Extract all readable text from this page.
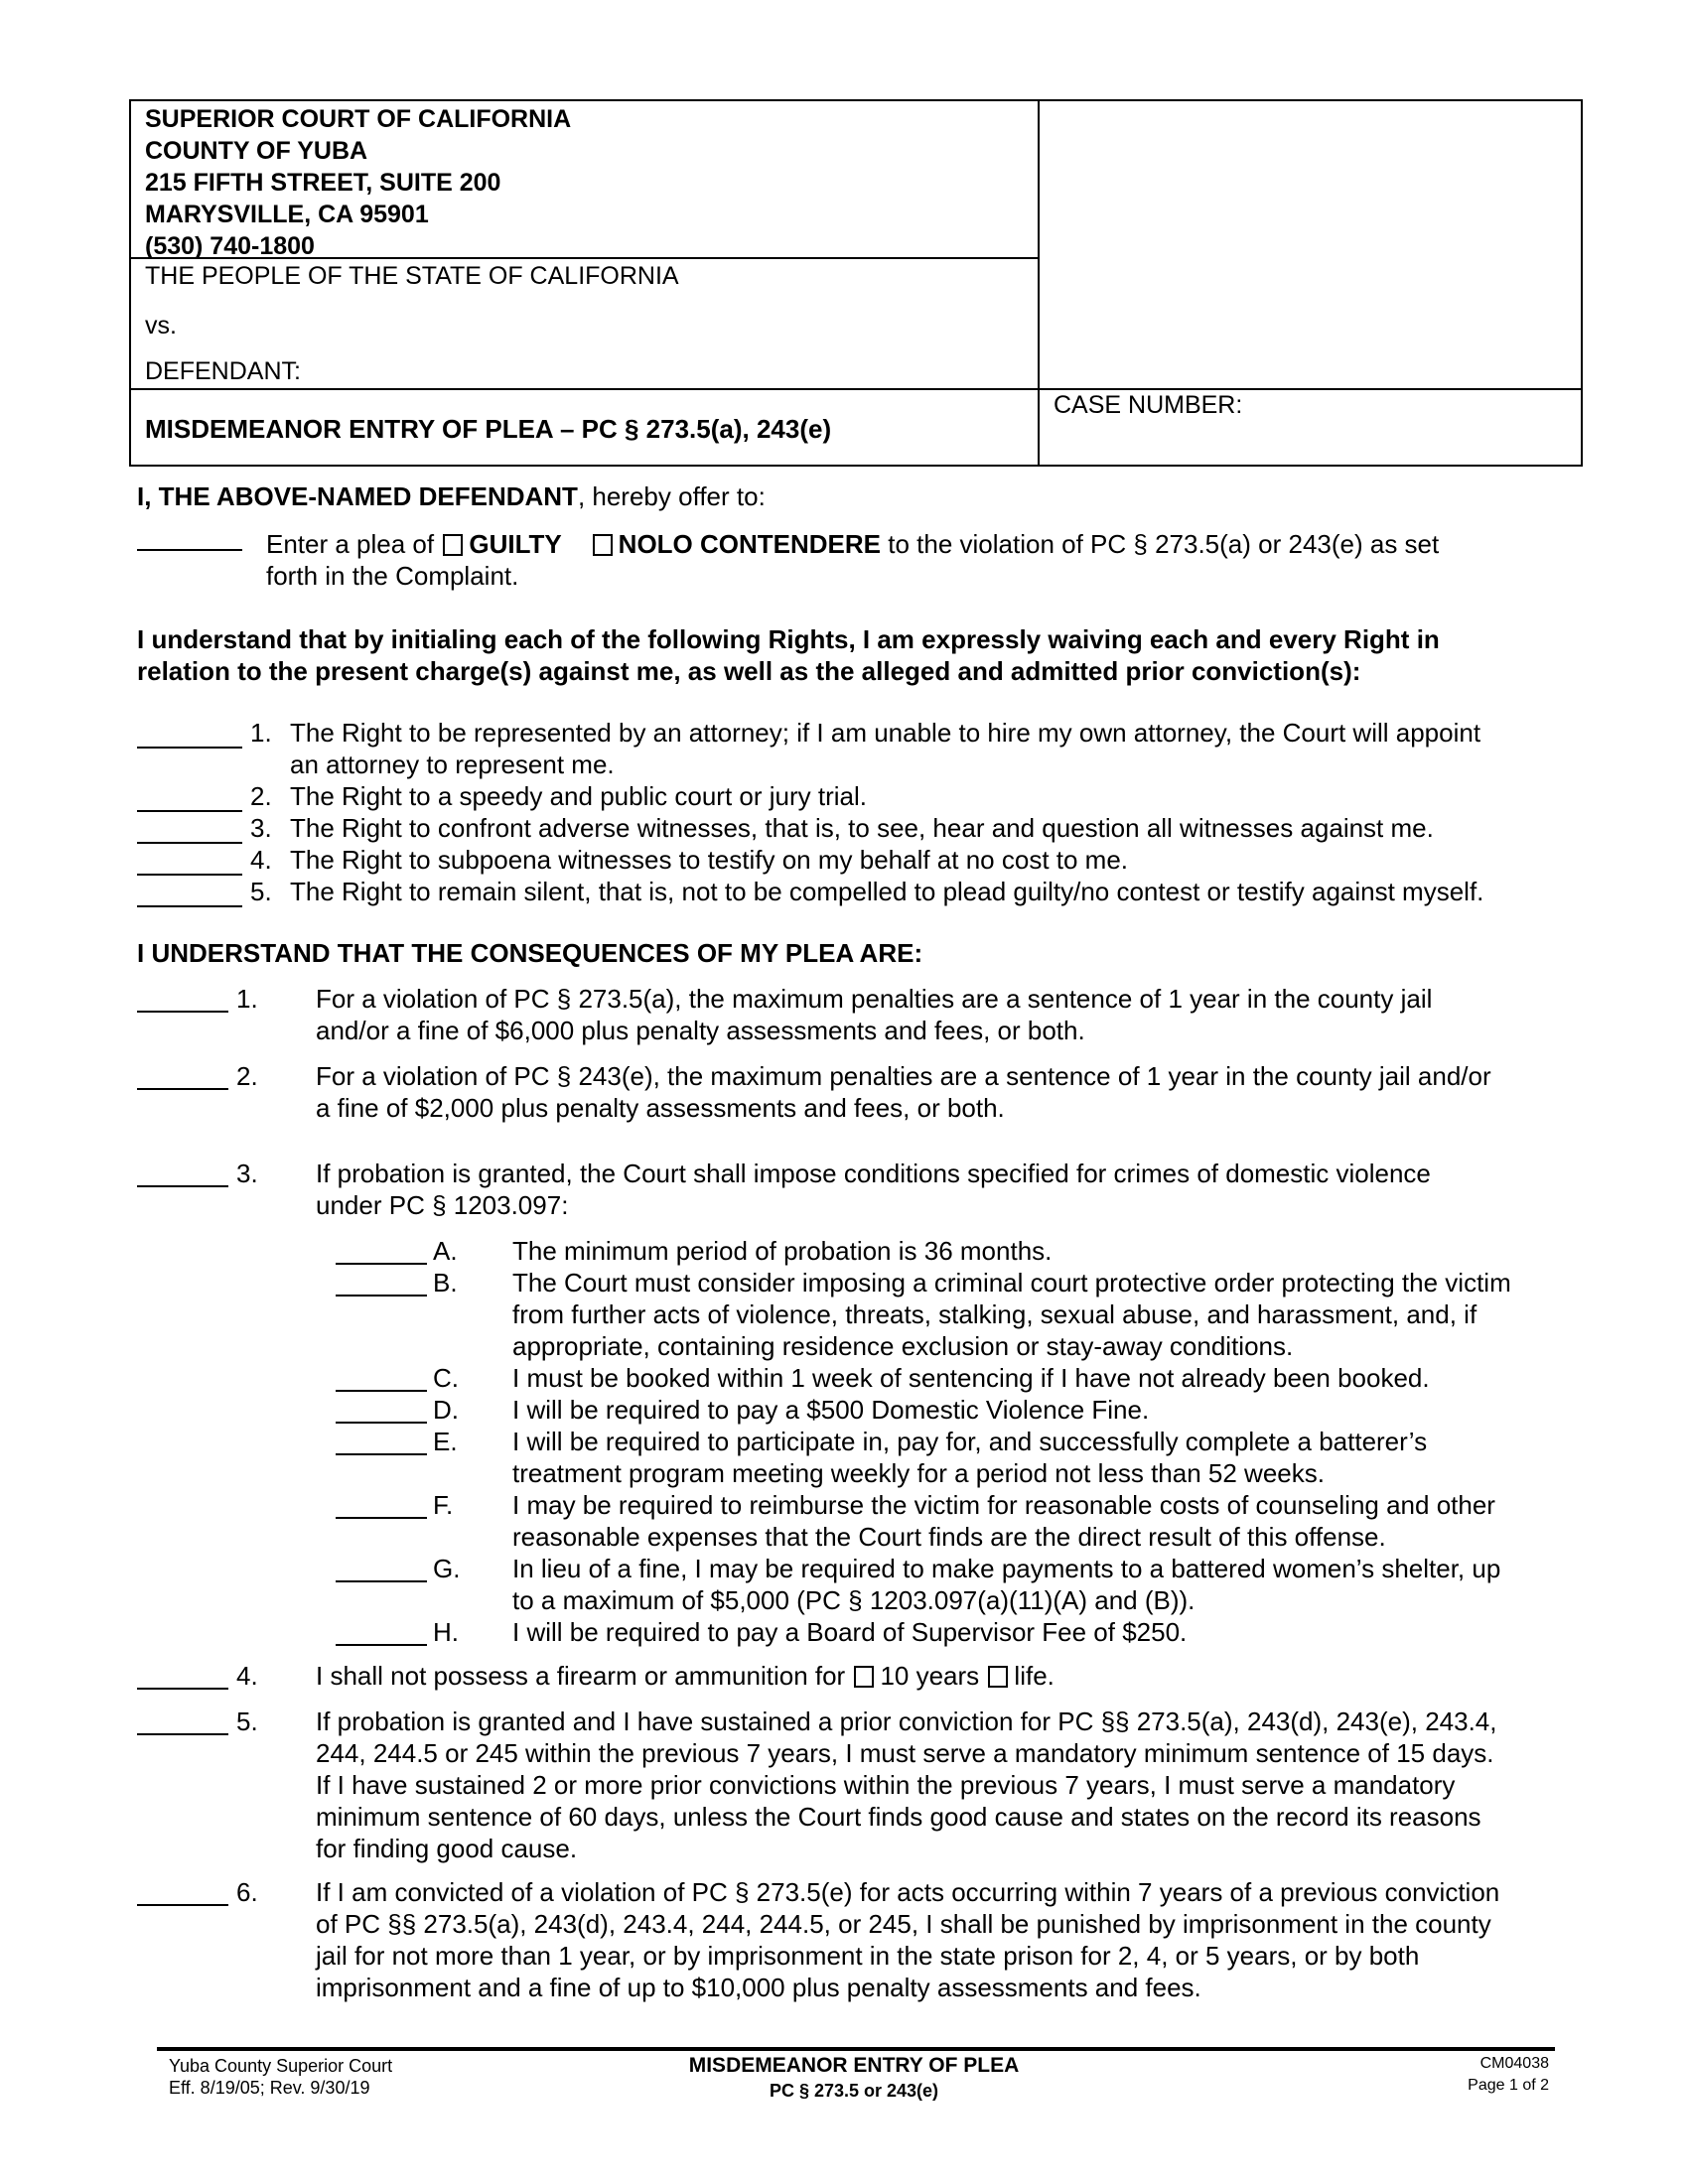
SUPERIOR COURT OF CALIFORNIA
COUNTY OF YUBA
215 FIFTH STREET, SUITE 200
MARYSVILLE, CA 95901
(530) 740-1800
THE PEOPLE OF THE STATE OF CALIFORNIA
vs.
DEFENDANT:
MISDEMEANOR ENTRY OF PLEA – PC § 273.5(a), 243(e)
CASE NUMBER:
I, THE ABOVE-NAMED DEFENDANT, hereby offer to:
Enter a plea of GUILTY NOLO CONTENDERE to the violation of PC § 273.5(a) or 243(e) as set
forth in the Complaint.
I understand that by initialing each of the following Rights, I am expressly waiving each and every Right in
relation to the present charge(s) against me, as well as the alleged and admitted prior conviction(s):
1. The Right to be represented by an attorney; if I am unable to hire my own attorney, the Court will appoint
an attorney to represent me.
2. The Right to a speedy and public court or jury trial.
3. The Right to confront adverse witnesses, that is, to see, hear and question all witnesses against me.
4. The Right to subpoena witnesses to testify on my behalf at no cost to me.
5. The Right to remain silent, that is, not to be compelled to plead guilty/no contest or testify against myself.
I UNDERSTAND THAT THE CONSEQUENCES OF MY PLEA ARE:
1. For a violation of PC § 273.5(a), the maximum penalties are a sentence of 1 year in the county jail
and/or a fine of $6,000 plus penalty assessments and fees, or both.
2. For a violation of PC § 243(e), the maximum penalties are a sentence of 1 year in the county jail and/or
a fine of $2,000 plus penalty assessments and fees, or both.
3. If probation is granted, the Court shall impose conditions specified for crimes of domestic violence
under PC § 1203.097:
A. The minimum period of probation is 36 months.
B. The Court must consider imposing a criminal court protective order protecting the victim
from further acts of violence, threats, stalking, sexual abuse, and harassment, and, if
appropriate, containing residence exclusion or stay-away conditions.
C. I must be booked within 1 week of sentencing if I have not already been booked.
D. I will be required to pay a $500 Domestic Violence Fine.
E. I will be required to participate in, pay for, and successfully complete a batterer’s
treatment program meeting weekly for a period not less than 52 weeks.
F. I may be required to reimburse the victim for reasonable costs of counseling and other
reasonable expenses that the Court finds are the direct result of this offense.
G. In lieu of a fine, I may be required to make payments to a battered women’s shelter, up
to a maximum of $5,000 (PC § 1203.097(a)(11)(A) and (B)).
H. I will be required to pay a Board of Supervisor Fee of $250.
4. I shall not possess a firearm or ammunition for 10 years life.
5. If probation is granted and I have sustained a prior conviction for PC §§ 273.5(a), 243(d), 243(e), 243.4,
244, 244.5 or 245 within the previous 7 years, I must serve a mandatory minimum sentence of 15 days.
If I have sustained 2 or more prior convictions within the previous 7 years, I must serve a mandatory
minimum sentence of 60 days, unless the Court finds good cause and states on the record its reasons
for finding good cause.
6. If I am convicted of a violation of PC § 273.5(e) for acts occurring within 7 years of a previous conviction
of PC §§ 273.5(a), 243(d), 243.4, 244, 244.5, or 245, I shall be punished by imprisonment in the county
jail for not more than 1 year, or by imprisonment in the state prison for 2, 4, or 5 years, or by both
imprisonment and a fine of up to $10,000 plus penalty assessments and fees.
Yuba County Superior Court
Eff. 8/19/05; Rev. 9/30/19
MISDEMEANOR ENTRY OF PLEA
PC § 273.5 or 243(e)
CM04038
Page 1 of 2
